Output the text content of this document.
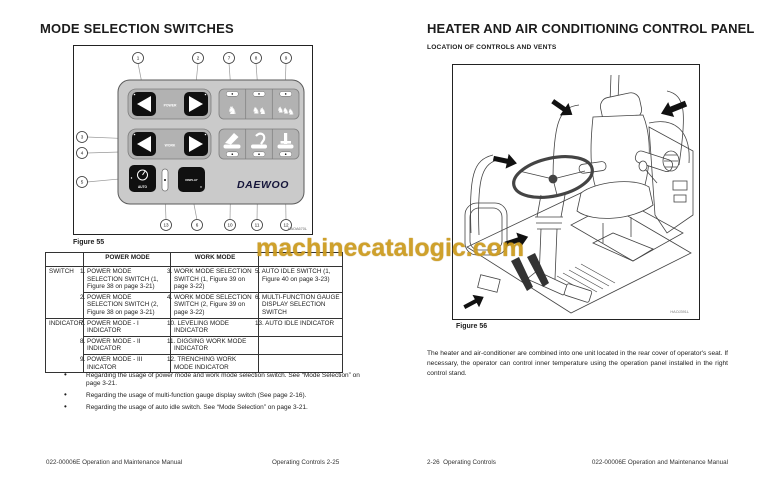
machinecatalogic.com
MODE SELECTION SWITCHES
POWER
WORK
AUTO
DISPLAY
♞ ♞
♞ ♞
♞
♞
DAEWOO
1	2	7	8	9
3
4
5
13	6	10	11	12
HAOA670L
Figure 55
	POWER MODE	WORK MODE	
SWITCH	1. POWER MODE SELECTION SWITCH (1, Figure 38 on page 3-21)	3. WORK MODE SELECTION SWITCH (1, Figure 39 on page 3-22)	5. AUTO IDLE SWITCH (1, Figure 40 on page 3-23)
	2. POWER MODE SELECTION SWITCH (2, Figure 38 on page 3-21)	4. WORK MODE SELECTION SWITCH (2, Figure 39 on page 3-22)	6. MULTI-FUNCTION GAUGE DISPLAY SELECTION SWITCH
INDICATOR	7. POWER MODE - I INDICATOR	10. LEVELING MODE INDICATOR	13. AUTO IDLE INDICATOR
	8. POWER MODE - II INDICATOR	11. DIGGING WORK MODE INDICATOR	
	9. POWER MODE - III INICATOR	12. TRENCHING WORK MODE INDICATOR	
• Regarding the usage of power mode and work mode selection switch. See “Mode Selection” on page 3-21.
• Regarding the usage of multi-function gauge display switch (See page 2-16).
• Regarding the usage of auto idle switch. See “Mode Selection” on page 3-21.
022-00006E Operation and Maintenance Manual	Operating Controls 2-25
HEATER AND AIR CONDITIONING CONTROL PANEL
LOCATION OF CONTROLS AND VENTS
HAOJ391L
Figure 56

The heater and air-conditioner are combined into one unit located in the rear cover of operator's seat. If necessary, the operator can control inner temperature using the operation panel installed in the right control stand.

2-26  Operating Controls	022-00006E Operation and Maintenance Manual
